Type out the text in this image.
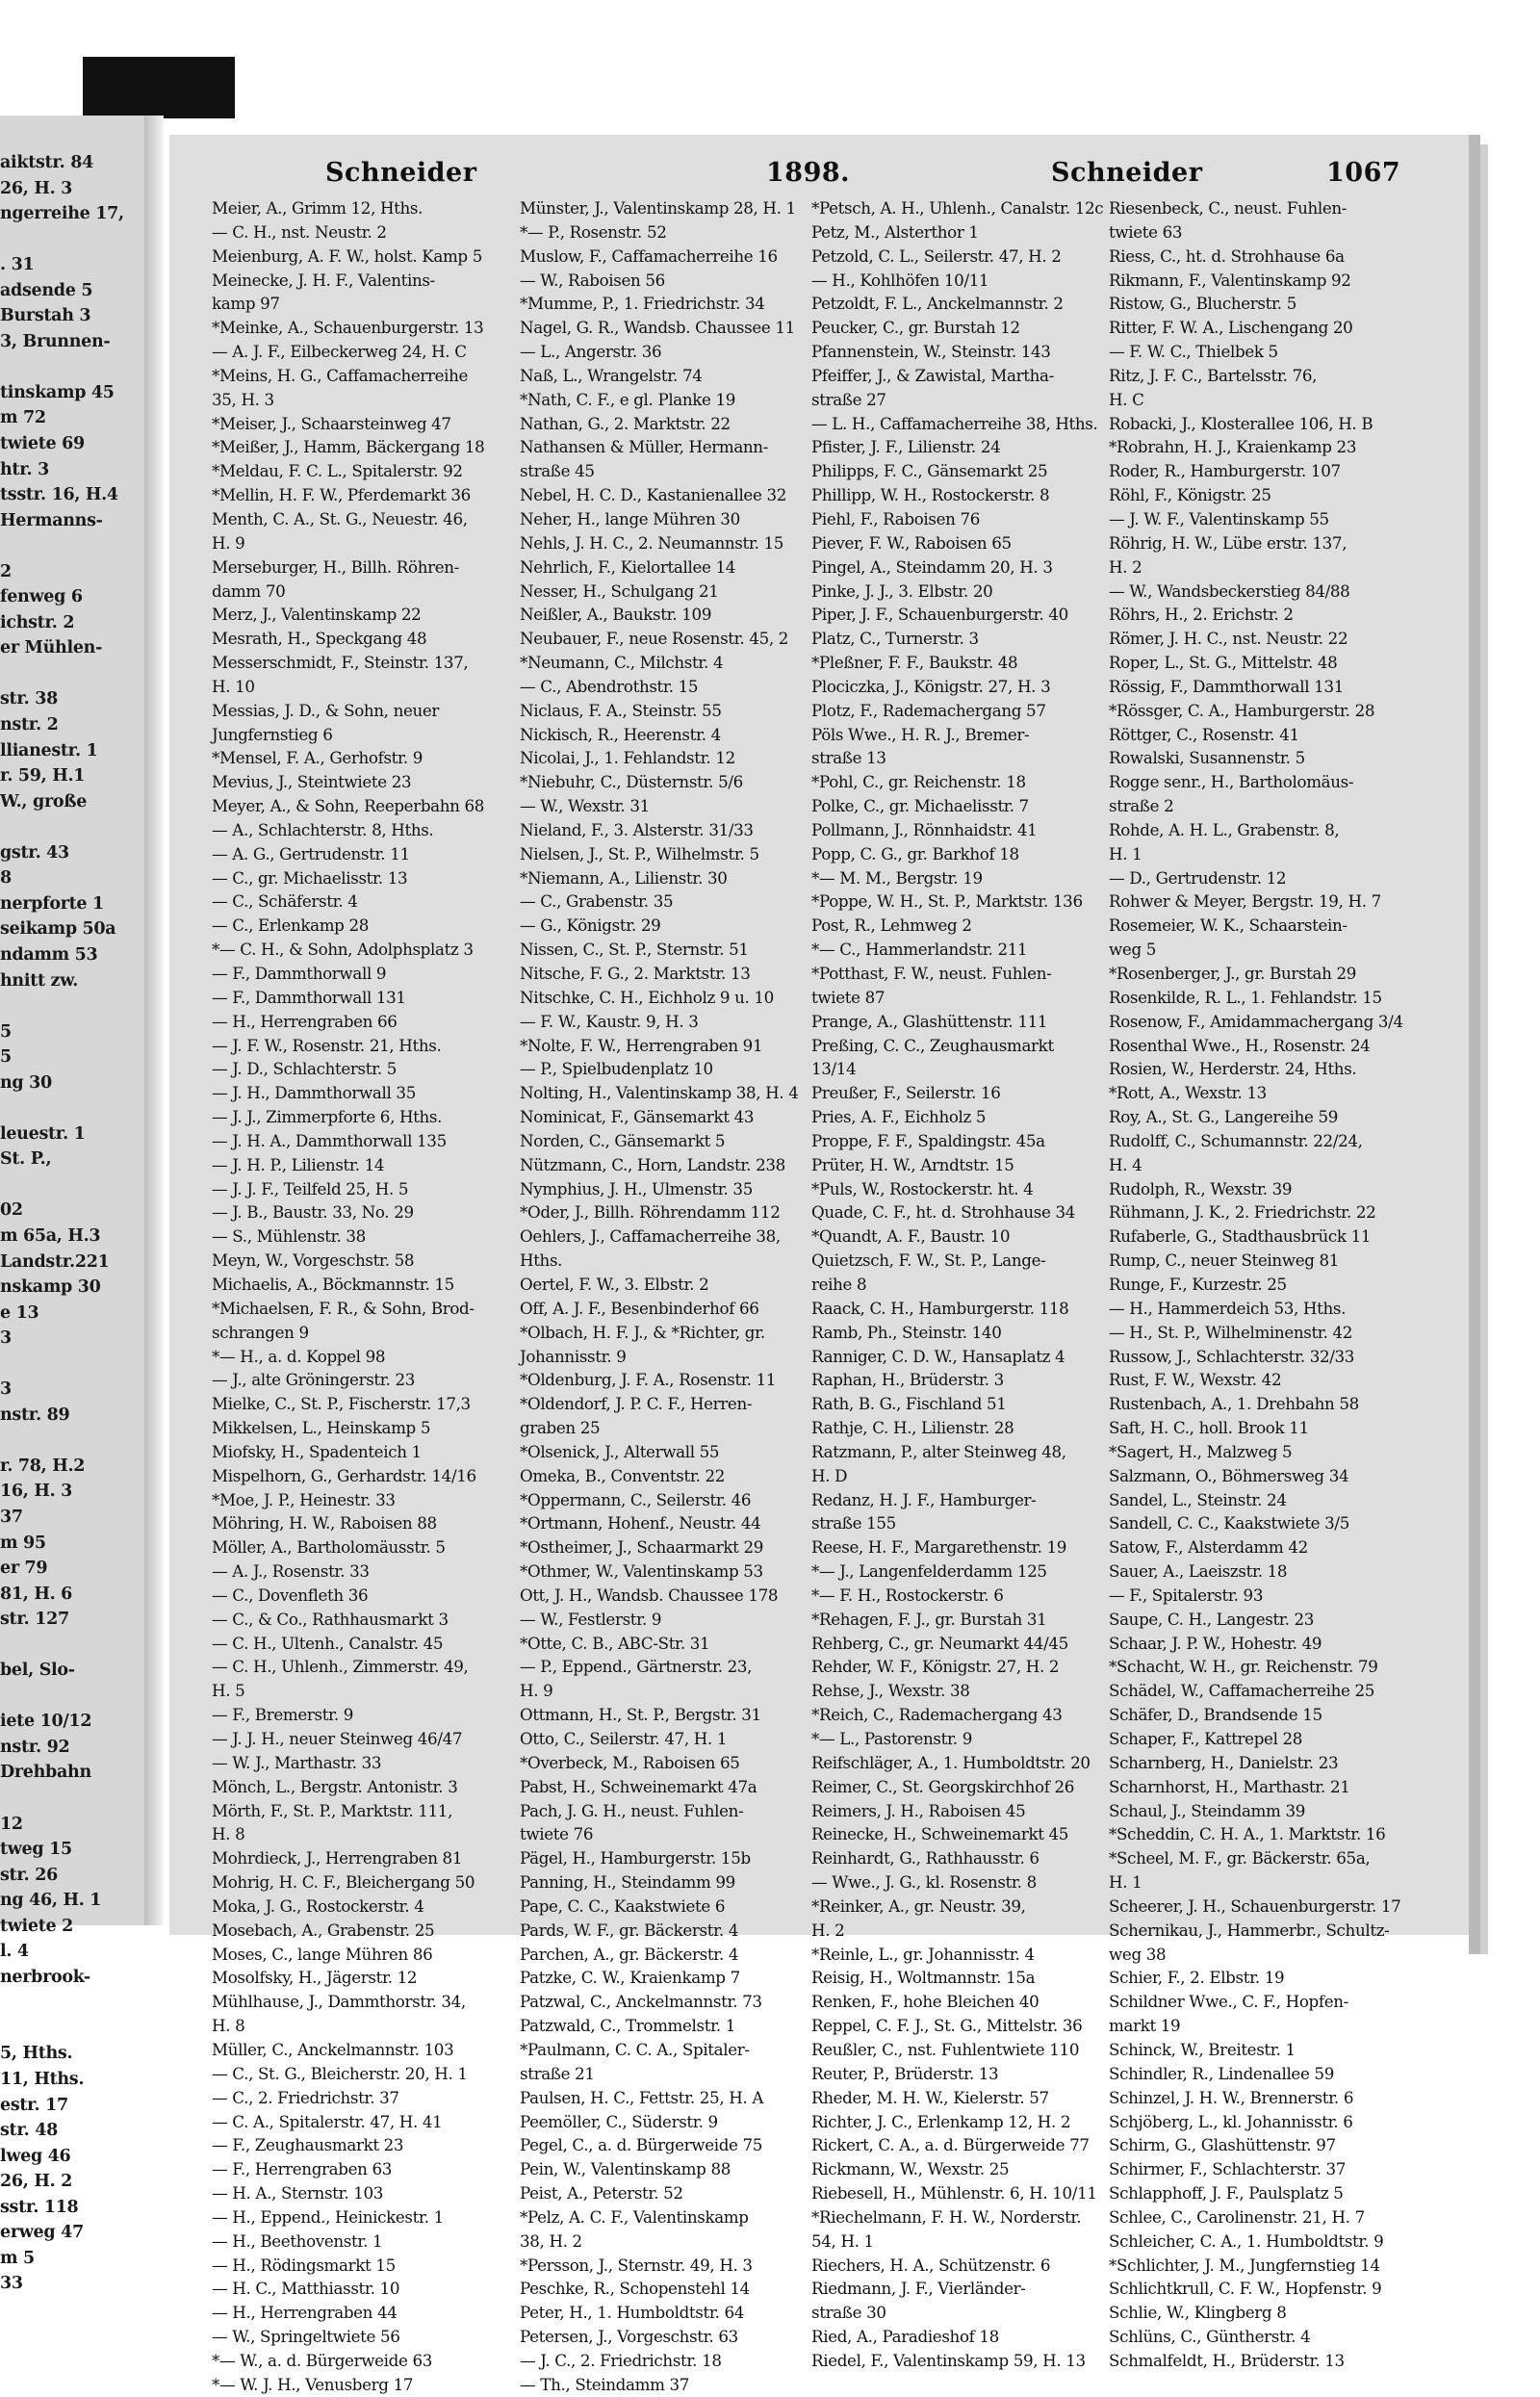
aiktstr. 84
26, H. 3
ngerreihe 17,
. 31
adsende 5
Burstah 3
3, Brunnen-
tinskamp 45
m 72
twiete 69
htr. 3
tsstr. 16, H.4
Hermanns-
2
fenweg 6
ichstr. 2
er Mühlen-
str. 38
nstr. 2
llianestr. 1
r. 59, H.1
W., große
gstr. 43
8
nerpforte 1
seikamp 50a
ndamm 53
hnitt zw.
5
5
ng 30
leuestr. 1
St. P.,
02
m 65a, H.3
Landstr.221
nskamp 30
e 13
3
3
nstr. 89
r. 78, H.2
16, H. 3
37
m 95
er 79
81, H. 6
str. 127
bel, Slo-
iete 10/12
nstr. 92
Drehbahn
12
tweg 15
str. 26
ng 46, H. 1
twiete 2
l. 4
nerbrook-
5, Hths.
11, Hths.
estr. 17
str. 48
lweg 46
26, H. 2
sstr. 118
erweg 47
m 5
33
Schneider	1898.	Schneider	1067
Meier, A., Grimm 12, Hths.
— C. H., nst. Neustr. 2
Meienburg, A. F. W., holst. Kamp 5
Meinecke, J. H. F., Valentins-
kamp 97
*Meinke, A., Schauenburgerstr. 13
— A. J. F., Eilbeckerweg 24, H. C
*Meins, H. G., Caffamacherreihe
35, H. 3
*Meiser, J., Schaarsteinweg 47
*Meißer, J., Hamm, Bäckergang 18
*Meldau, F. C. L., Spitalerstr. 92
*Mellin, H. F. W., Pferdemarkt 36
Menth, C. A., St. G., Neuestr. 46,
H. 9
Merseburger, H., Billh. Röhren-
damm 70
Merz, J., Valentinskamp 22
Mesrath, H., Speckgang 48
Messerschmidt, F., Steinstr. 137,
H. 10
Messias, J. D., & Sohn, neuer
Jungfernstieg 6
*Mensel, F. A., Gerhofstr. 9
Mevius, J., Steintwiete 23
Meyer, A., & Sohn, Reeperbahn 68
— A., Schlachterstr. 8, Hths.
— A. G., Gertrudenstr. 11
— C., gr. Michaelisstr. 13
— C., Schäferstr. 4
— C., Erlenkamp 28
*— C. H., & Sohn, Adolphsplatz 3
— F., Dammthorwall 9
— F., Dammthorwall 131
— H., Herrengraben 66
— J. F. W., Rosenstr. 21, Hths.
— J. D., Schlachterstr. 5
— J. H., Dammthorwall 35
— J. J., Zimmerpforte 6, Hths.
— J. H. A., Dammthorwall 135
— J. H. P., Lilienstr. 14
— J. J. F., Teilfeld 25, H. 5
— J. B., Baustr. 33, No. 29
— S., Mühlenstr. 38
Meyn, W., Vorgeschstr. 58
Michaelis, A., Böckmannstr. 15
*Michaelsen, F. R., & Sohn, Brod-
schrangen 9
*— H., a. d. Koppel 98
— J., alte Gröningerstr. 23
Mielke, C., St. P., Fischerstr. 17,3
Mikkelsen, L., Heinskamp 5
Miofsky, H., Spadenteich 1
Mispelhorn, G., Gerhardstr. 14/16
*Moe, J. P., Heinestr. 33
Möhring, H. W., Raboisen 88
Möller, A., Bartholomäusstr. 5
— A. J., Rosenstr. 33
— C., Dovenfleth 36
— C., & Co., Rathhausmarkt 3
— C. H., Ultenh., Canalstr. 45
— C. H., Uhlenh., Zimmerstr. 49,
H. 5
— F., Bremerstr. 9
— J. J. H., neuer Steinweg 46/47
— W. J., Marthastr. 33
Mönch, L., Bergstr. Antonistr. 3
Mörth, F., St. P., Marktstr. 111,
H. 8
Mohrdieck, J., Herrengraben 81
Mohrig, H. C. F., Bleichergang 50
Moka, J. G., Rostockerstr. 4
Mosebach, A., Grabenstr. 25
Moses, C., lange Mühren 86
Mosolfsky, H., Jägerstr. 12
Mühlhause, J., Dammthorstr. 34,
H. 8
Müller, C., Anckelmannstr. 103
— C., St. G., Bleicherstr. 20, H. 1
— C., 2. Friedrichstr. 37
— C. A., Spitalerstr. 47, H. 41
— F., Zeughausmarkt 23
— F., Herrengraben 63
— H. A., Sternstr. 103
— H., Eppend., Heinickestr. 1
— H., Beethovenstr. 1
— H., Rödingsmarkt 15
— H. C., Matthiasstr. 10
— H., Herrengraben 44
— W., Springeltwiete 56
*— W., a. d. Bürgerweide 63
*— W. J. H., Venusberg 17
Münster, J., Valentinskamp 28, H. 1
*— P., Rosenstr. 52
Muslow, F., Caffamacherreihe 16
— W., Raboisen 56
*Mumme, P., 1. Friedrichstr. 34
Nagel, G. R., Wandsb. Chaussee 11
— L., Angerstr. 36
Naß, L., Wrangelstr. 74
*Nath, C. F., e gl. Planke 19
Nathan, G., 2. Marktstr. 22
Nathansen & Müller, Hermann-
straße 45
Nebel, H. C. D., Kastanienallee 32
Neher, H., lange Mühren 30
Nehls, J. H. C., 2. Neumannstr. 15
Nehrlich, F., Kielortallee 14
Nesser, H., Schulgang 21
Neißler, A., Baukstr. 109
Neubauer, F., neue Rosenstr. 45, 2
*Neumann, C., Milchstr. 4
— C., Abendrothstr. 15
Niclaus, F. A., Steinstr. 55
Nickisch, R., Heerenstr. 4
Nicolai, J., 1. Fehlandstr. 12
*Niebuhr, C., Düsternstr. 5/6
— W., Wexstr. 31
Nieland, F., 3. Alsterstr. 31/33
Nielsen, J., St. P., Wilhelmstr. 5
*Niemann, A., Lilienstr. 30
— C., Grabenstr. 35
— G., Königstr. 29
Nissen, C., St. P., Sternstr. 51
Nitsche, F. G., 2. Marktstr. 13
Nitschke, C. H., Eichholz 9 u. 10
— F. W., Kaustr. 9, H. 3
*Nolte, F. W., Herrengraben 91
— P., Spielbudenplatz 10
Nolting, H., Valentinskamp 38, H. 4
Nominicat, F., Gänsemarkt 43
Norden, C., Gänsemarkt 5
Nützmann, C., Horn, Landstr. 238
Nymphius, J. H., Ulmenstr. 35
*Oder, J., Billh. Röhrendamm 112
Oehlers, J., Caffamacherreihe 38,
Hths.
Oertel, F. W., 3. Elbstr. 2
Off, A. J. F., Besenbinderhof 66
*Olbach, H. F. J., & *Richter, gr.
Johannisstr. 9
*Oldenburg, J. F. A., Rosenstr. 11
*Oldendorf, J. P. C. F., Herren-
graben 25
*Olsenick, J., Alterwall 55
Omeka, B., Conventstr. 22
*Oppermann, C., Seilerstr. 46
*Ortmann, Hohenf., Neustr. 44
*Ostheimer, J., Schaarmarkt 29
*Othmer, W., Valentinskamp 53
Ott, J. H., Wandsb. Chaussee 178
— W., Festlerstr. 9
*Otte, C. B., ABC-Str. 31
— P., Eppend., Gärtnerstr. 23,
H. 9
Ottmann, H., St. P., Bergstr. 31
Otto, C., Seilerstr. 47, H. 1
*Overbeck, M., Raboisen 65
Pabst, H., Schweinemarkt 47a
Pach, J. G. H., neust. Fuhlen-
twiete 76
Pägel, H., Hamburgerstr. 15b
Panning, H., Steindamm 99
Pape, C. C., Kaakstwiete 6
Pards, W. F., gr. Bäckerstr. 4
Parchen, A., gr. Bäckerstr. 4
Patzke, C. W., Kraienkamp 7
Patzwal, C., Anckelmannstr. 73
Patzwald, C., Trommelstr. 1
*Paulmann, C. C. A., Spitaler-
straße 21
Paulsen, H. C., Fettstr. 25, H. A
Peemöller, C., Süderstr. 9
Pegel, C., a. d. Bürgerweide 75
Pein, W., Valentinskamp 88
Peist, A., Peterstr. 52
*Pelz, A. C. F., Valentinskamp
38, H. 2
*Persson, J., Sternstr. 49, H. 3
Peschke, R., Schopenstehl 14
Peter, H., 1. Humboldtstr. 64
Petersen, J., Vorgeschstr. 63
— J. C., 2. Friedrichstr. 18
— Th., Steindamm 37
*Petsch, A. H., Uhlenh., Canalstr. 12c
Petz, M., Alsterthor 1
Petzold, C. L., Seilerstr. 47, H. 2
— H., Kohlhöfen 10/11
Petzoldt, F. L., Anckelmannstr. 2
Peucker, C., gr. Burstah 12
Pfannenstein, W., Steinstr. 143
Pfeiffer, J., & Zawistal, Martha-
straße 27
— L. H., Caffamacherreihe 38, Hths.
Pfister, J. F., Lilienstr. 24
Philipps, F. C., Gänsemarkt 25
Phillipp, W. H., Rostockerstr. 8
Piehl, F., Raboisen 76
Piever, F. W., Raboisen 65
Pingel, A., Steindamm 20, H. 3
Pinke, J. J., 3. Elbstr. 20
Piper, J. F., Schauenburgerstr. 40
Platz, C., Turnerstr. 3
*Pleßner, F. F., Baukstr. 48
Plociczka, J., Königstr. 27, H. 3
Plotz, F., Rademachergang 57
Pöls Wwe., H. R. J., Bremer-
straße 13
*Pohl, C., gr. Reichenstr. 18
Polke, C., gr. Michaelisstr. 7
Pollmann, J., Rönnhaidstr. 41
Popp, C. G., gr. Barkhof 18
*— M. M., Bergstr. 19
*Poppe, W. H., St. P., Marktstr. 136
Post, R., Lehmweg 2
*— C., Hammerlandstr. 211
*Potthast, F. W., neust. Fuhlen-
twiete 87
Prange, A., Glashüttenstr. 111
Preßing, C. C., Zeughausmarkt
13/14
Preußer, F., Seilerstr. 16
Pries, A. F., Eichholz 5
Proppe, F. F., Spaldingstr. 45a
Prüter, H. W., Arndtstr. 15
*Puls, W., Rostockerstr. ht. 4
Quade, C. F., ht. d. Strohhause 34
*Quandt, A. F., Baustr. 10
Quietzsch, F. W., St. P., Lange-
reihe 8
Raack, C. H., Hamburgerstr. 118
Ramb, Ph., Steinstr. 140
Ranniger, C. D. W., Hansaplatz 4
Raphan, H., Brüderstr. 3
Rath, B. G., Fischland 51
Rathje, C. H., Lilienstr. 28
Ratzmann, P., alter Steinweg 48,
H. D
Redanz, H. J. F., Hamburger-
straße 155
Reese, H. F., Margarethenstr. 19
*— J., Langenfelderdamm 125
*— F. H., Rostockerstr. 6
*Rehagen, F. J., gr. Burstah 31
Rehberg, C., gr. Neumarkt 44/45
Rehder, W. F., Königstr. 27, H. 2
Rehse, J., Wexstr. 38
*Reich, C., Rademachergang 43
*— L., Pastorenstr. 9
Reifschläger, A., 1. Humboldtstr. 20
Reimer, C., St. Georgskirchhof 26
Reimers, J. H., Raboisen 45
Reinecke, H., Schweinemarkt 45
Reinhardt, G., Rathhausstr. 6
— Wwe., J. G., kl. Rosenstr. 8
*Reinker, A., gr. Neustr. 39,
H. 2
*Reinle, L., gr. Johannisstr. 4
Reisig, H., Woltmannstr. 15a
Renken, F., hohe Bleichen 40
Reppel, C. F. J., St. G., Mittelstr. 36
Reußler, C., nst. Fuhlentwiete 110
Reuter, P., Brüderstr. 13
Rheder, M. H. W., Kielerstr. 57
Richter, J. C., Erlenkamp 12, H. 2
Rickert, C. A., a. d. Bürgerweide 77
Rickmann, W., Wexstr. 25
Riebesell, H., Mühlenstr. 6, H. 10/11
*Riechelmann, F. H. W., Norderstr.
54, H. 1
Riechers, H. A., Schützenstr. 6
Riedmann, J. F., Vierländer-
straße 30
Ried, A., Paradieshof 18
Riedel, F., Valentinskamp 59, H. 13
Riesenbeck, C., neust. Fuhlen-
twiete 63
Riess, C., ht. d. Strohhause 6a
Rikmann, F., Valentinskamp 92
Ristow, G., Blucherstr. 5
Ritter, F. W. A., Lischengang 20
— F. W. C., Thielbek 5
Ritz, J. F. C., Bartelsstr. 76,
H. C
Robacki, J., Klosterallee 106, H. B
*Robrahn, H. J., Kraienkamp 23
Roder, R., Hamburgerstr. 107
Röhl, F., Königstr. 25
— J. W. F., Valentinskamp 55
Röhrig, H. W., Lübe erstr. 137,
H. 2
— W., Wandsbeckerstieg 84/88
Röhrs, H., 2. Erichstr. 2
Römer, J. H. C., nst. Neustr. 22
Roper, L., St. G., Mittelstr. 48
Rössig, F., Dammthorwall 131
*Rössger, C. A., Hamburgerstr. 28
Röttger, C., Rosenstr. 41
Rowalski, Susannenstr. 5
Rogge senr., H., Bartholomäus-
straße 2
Rohde, A. H. L., Grabenstr. 8,
H. 1
— D., Gertrudenstr. 12
Rohwer & Meyer, Bergstr. 19, H. 7
Rosemeier, W. K., Schaarstein-
weg 5
*Rosenberger, J., gr. Burstah 29
Rosenkilde, R. L., 1. Fehlandstr. 15
Rosenow, F., Amidammachergang 3/4
Rosenthal Wwe., H., Rosenstr. 24
Rosien, W., Herderstr. 24, Hths.
*Rott, A., Wexstr. 13
Roy, A., St. G., Langereihe 59
Rudolff, C., Schumannstr. 22/24,
H. 4
Rudolph, R., Wexstr. 39
Rühmann, J. K., 2. Friedrichstr. 22
Rufaberle, G., Stadthausbrück 11
Rump, C., neuer Steinweg 81
Runge, F., Kurzestr. 25
— H., Hammerdeich 53, Hths.
— H., St. P., Wilhelminenstr. 42
Russow, J., Schlachterstr. 32/33
Rust, F. W., Wexstr. 42
Rustenbach, A., 1. Drehbahn 58
Saft, H. C., holl. Brook 11
*Sagert, H., Malzweg 5
Salzmann, O., Böhmersweg 34
Sandel, L., Steinstr. 24
Sandell, C. C., Kaakstwiete 3/5
Satow, F., Alsterdamm 42
Sauer, A., Laeiszstr. 18
— F., Spitalerstr. 93
Saupe, C. H., Langestr. 23
Schaar, J. P. W., Hohestr. 49
*Schacht, W. H., gr. Reichenstr. 79
Schädel, W., Caffamacherreihe 25
Schäfer, D., Brandsende 15
Schaper, F., Kattrepel 28
Scharnberg, H., Danielstr. 23
Scharnhorst, H., Marthastr. 21
Schaul, J., Steindamm 39
*Scheddin, C. H. A., 1. Marktstr. 16
*Scheel, M. F., gr. Bäckerstr. 65a,
H. 1
Scheerer, J. H., Schauenburgerstr. 17
Schernikau, J., Hammerbr., Schultz-
weg 38
Schier, F., 2. Elbstr. 19
Schildner Wwe., C. F., Hopfen-
markt 19
Schinck, W., Breitestr. 1
Schindler, R., Lindenallee 59
Schinzel, J. H. W., Brennerstr. 6
Schjöberg, L., kl. Johannisstr. 6
Schirm, G., Glashüttenstr. 97
Schirmer, F., Schlachterstr. 37
Schlapphoff, J. F., Paulsplatz 5
Schlee, C., Carolinenstr. 21, H. 7
Schleicher, C. A., 1. Humboldtstr. 9
*Schlichter, J. M., Jungfernstieg 14
Schlichtkrull, C. F. W., Hopfenstr. 9
Schlie, W., Klingberg 8
Schlüns, C., Güntherstr. 4
Schmalfeldt, H., Brüderstr. 13
